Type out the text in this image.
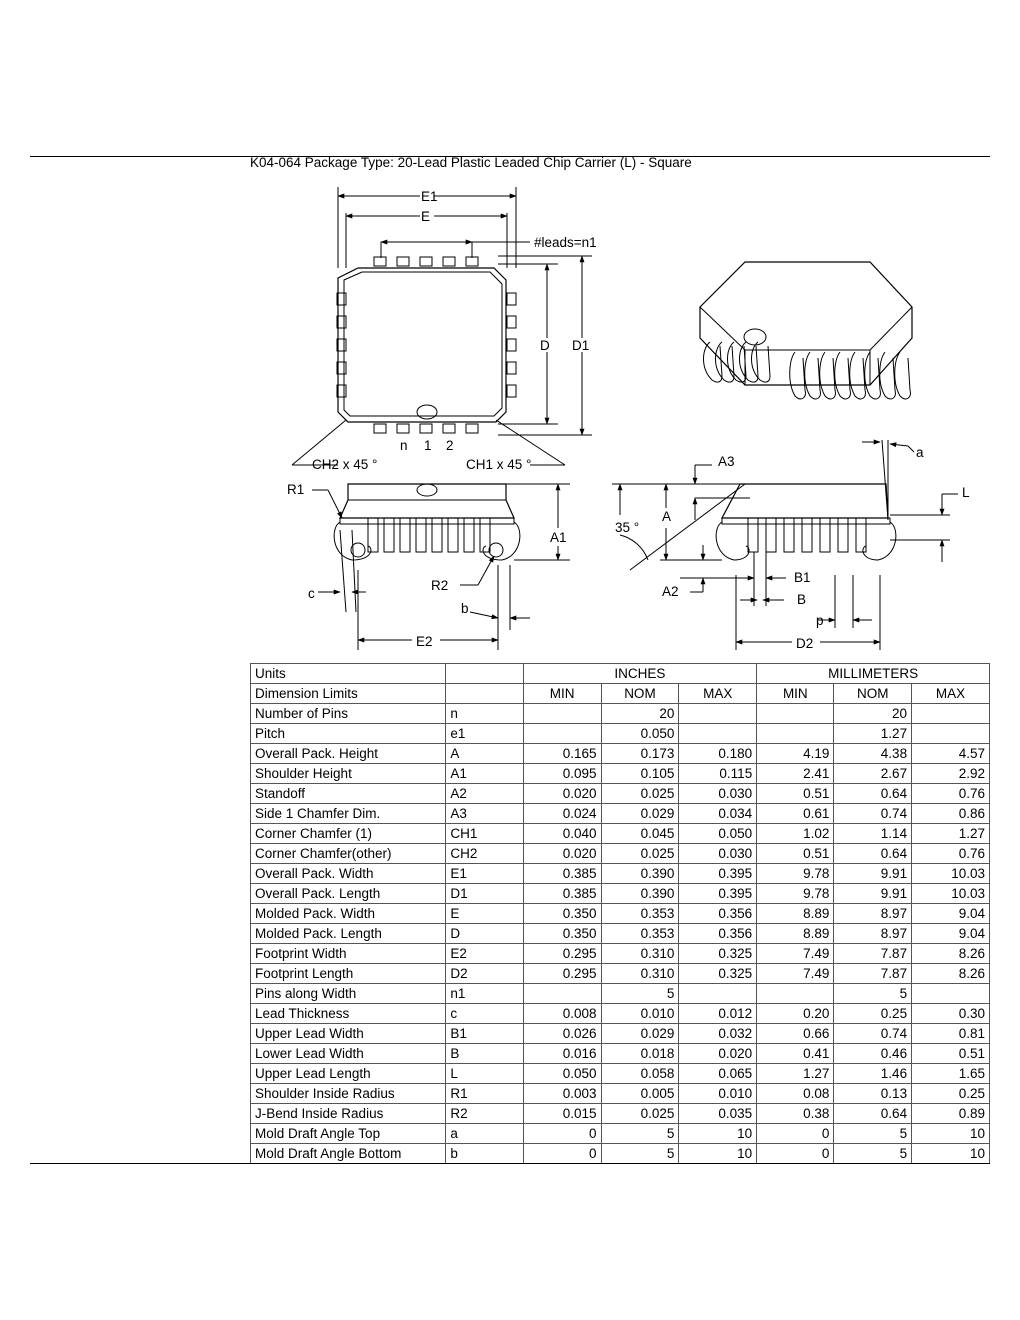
K04-064 Package Type: 20-Lead Plastic Leaded Chip Carrier (L) - Square
E1
E
#leads=n1
D D1
n 1 2
CH2 x 45 °	CH1 x 45 °
R1
A1
c
R2
b
E2
A3
a
L
A
35 °
A2
B1
B
p
D2
Units		INCHES			MILLIMETERS		
Dimension Limits		MIN	NOM	MAX	MIN	NOM	MAX
Number of Pins	n		20			20	
Pitch	e1		0.050			1.27	
Overall Pack. Height	A	0.165	0.173	0.180	4.19	4.38	4.57
Shoulder Height	A1	0.095	0.105	0.115	2.41	2.67	2.92
Standoff	A2	0.020	0.025	0.030	0.51	0.64	0.76
Side 1 Chamfer Dim.	A3	0.024	0.029	0.034	0.61	0.74	0.86
Corner Chamfer (1)	CH1	0.040	0.045	0.050	1.02	1.14	1.27
Corner Chamfer(other)	CH2	0.020	0.025	0.030	0.51	0.64	0.76
Overall Pack. Width	E1	0.385	0.390	0.395	9.78	9.91	10.03
Overall Pack. Length	D1	0.385	0.390	0.395	9.78	9.91	10.03
Molded Pack. Width	E	0.350	0.353	0.356	8.89	8.97	9.04
Molded Pack. Length	D	0.350	0.353	0.356	8.89	8.97	9.04
Footprint Width	E2	0.295	0.310	0.325	7.49	7.87	8.26
Footprint Length	D2	0.295	0.310	0.325	7.49	7.87	8.26
Pins along Width	n1		5			5	
Lead Thickness	c	0.008	0.010	0.012	0.20	0.25	0.30
Upper Lead Width	B1	0.026	0.029	0.032	0.66	0.74	0.81
Lower Lead Width	B	0.016	0.018	0.020	0.41	0.46	0.51
Upper Lead Length	L	0.050	0.058	0.065	1.27	1.46	1.65
Shoulder Inside Radius	R1	0.003	0.005	0.010	0.08	0.13	0.25
J-Bend Inside Radius	R2	0.015	0.025	0.035	0.38	0.64	0.89
Mold Draft Angle Top	a	0	5	10	0	5	10
Mold Draft Angle Bottom	b	0	5	10	0	5	10
